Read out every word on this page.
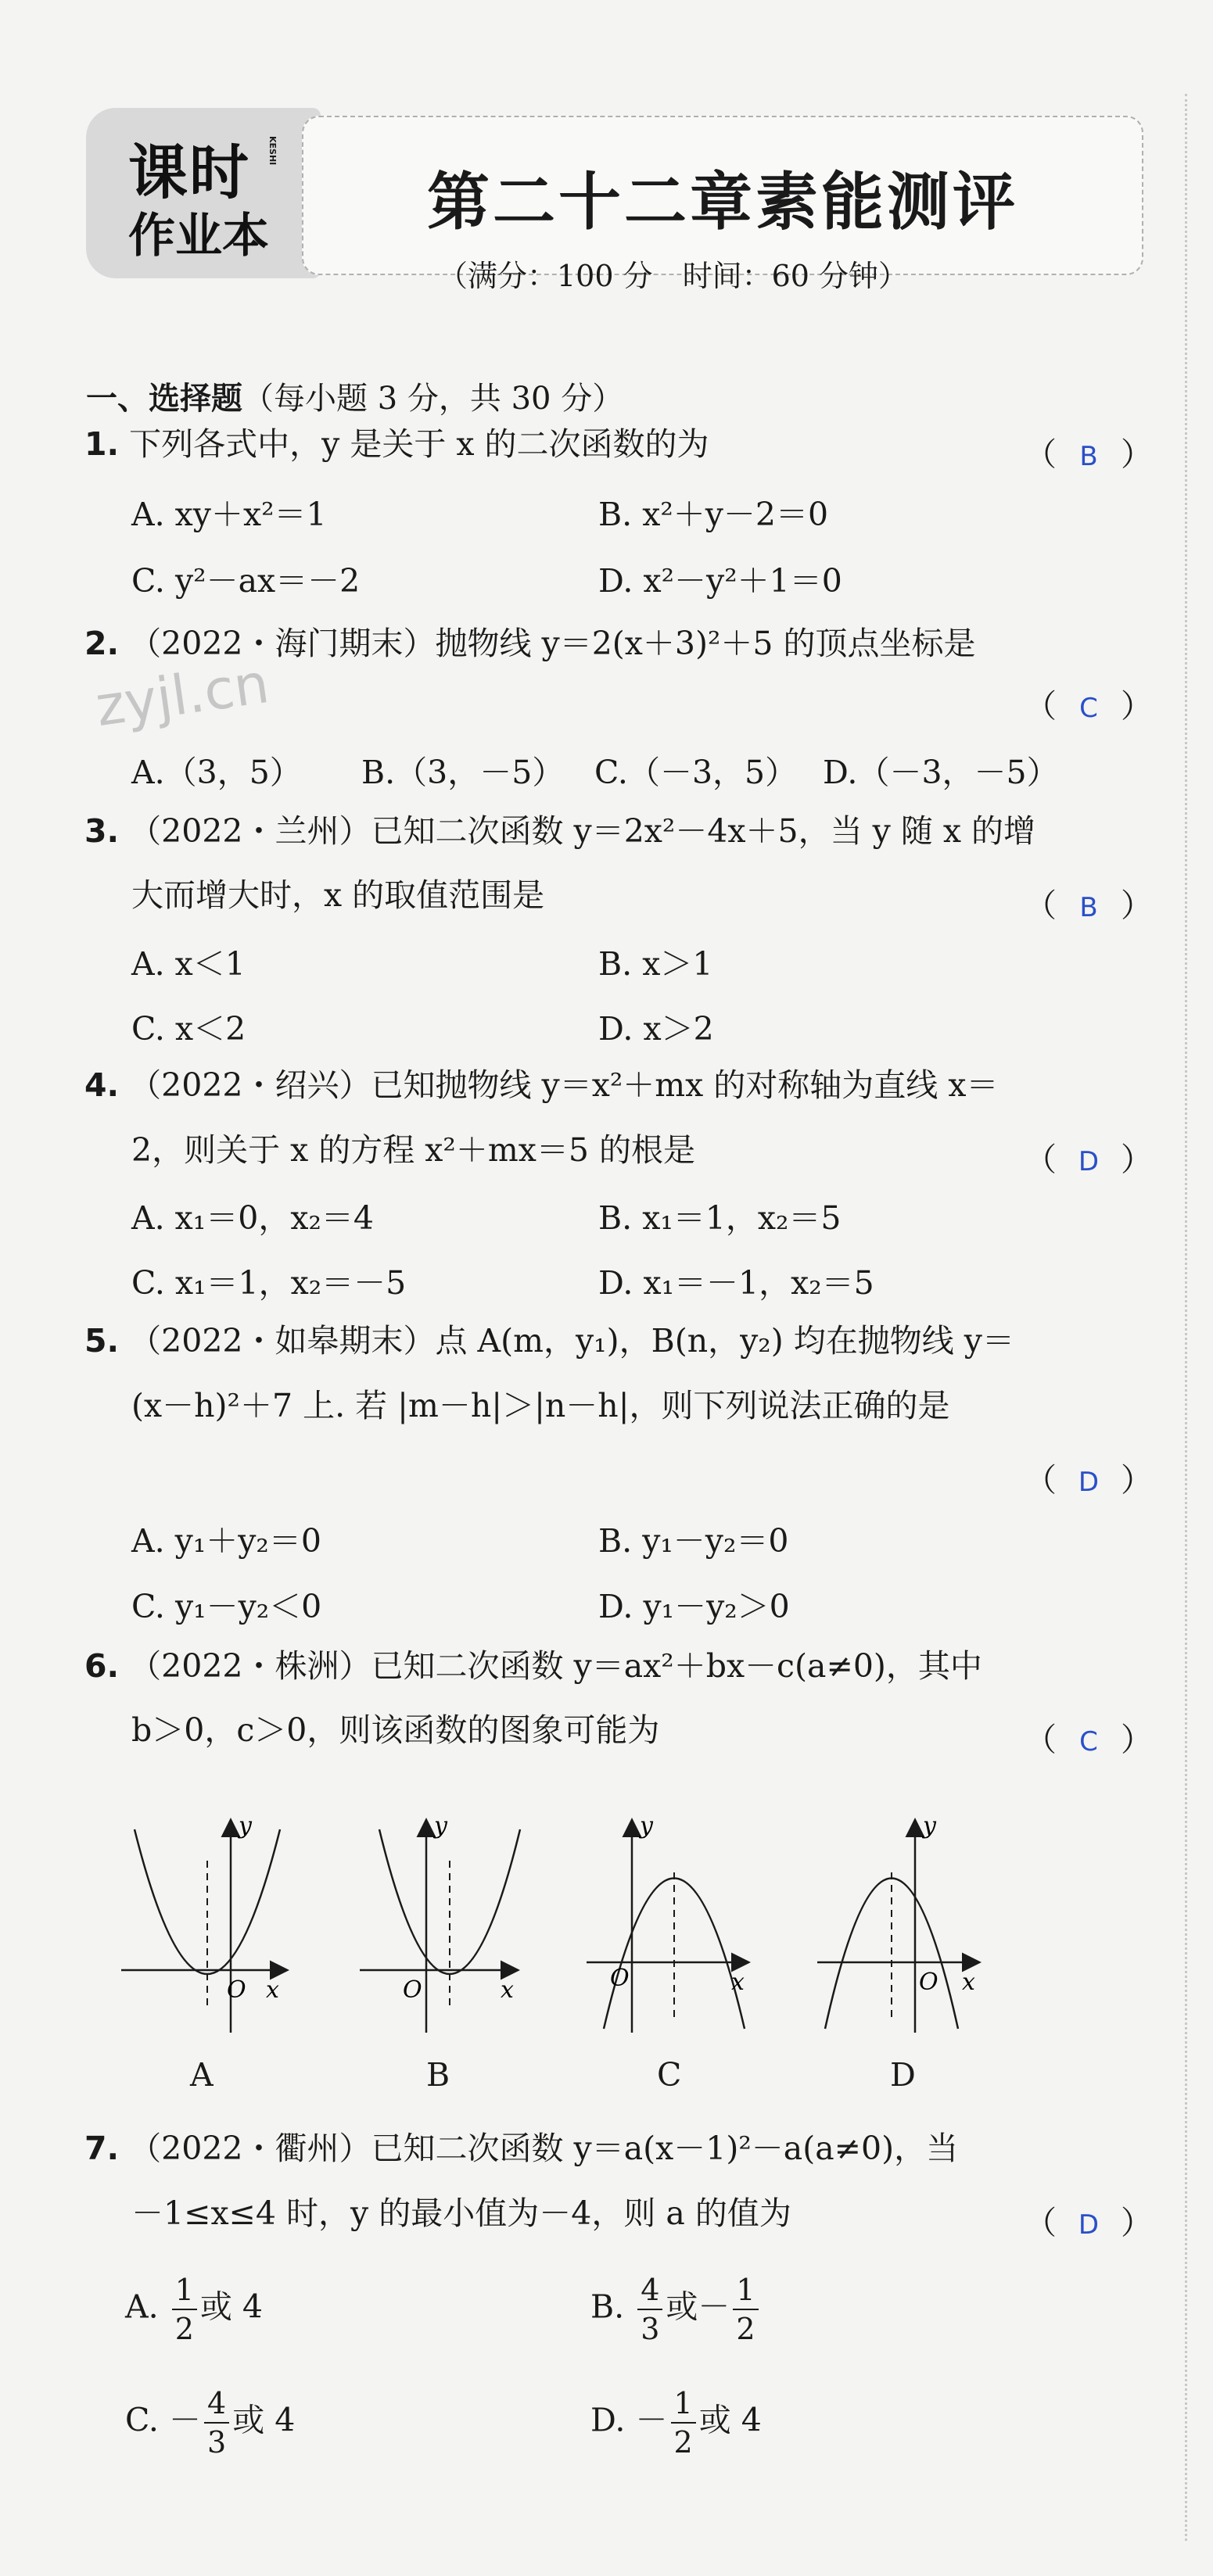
课时
作业本
KESHI
第二十二章素能测评
（满分：100 分　时间：60 分钟）
zyjl.cn
一、选择题（每小题 3 分，共 30 分）
1. 下列各式中，y 是关于 x 的二次函数的为	（ B ）
A. xy＋x²＝1	B. x²＋y－2＝0
C. y²－ax＝－2	D. x²－y²＋1＝0
2. （2022・海门期末）抛物线 y＝2(x＋3)²＋5 的顶点坐标是
（ C ）
A.（3，5） B.（3，－5） C.（－3，5） D.（－3，－5）
3. （2022・兰州）已知二次函数 y＝2x²－4x＋5，当 y 随 x 的增
大而增大时，x 的取值范围是	（ B ）
A. x＜1	B. x＞1
C. x＜2	D. x＞2
4. （2022・绍兴）已知抛物线 y＝x²＋mx 的对称轴为直线 x＝
2，则关于 x 的方程 x²＋mx＝5 的根是	（ D ）
A. x₁＝0，x₂＝4	B. x₁＝1，x₂＝5
C. x₁＝1，x₂＝－5	D. x₁＝－1，x₂＝5
5. （2022・如皋期末）点 A(m，y₁)，B(n，y₂) 均在抛物线 y＝
(x－h)²＋7 上. 若 |m－h|＞|n－h|，则下列说法正确的是
（ D ）
A. y₁＋y₂＝0	B. y₁－y₂＝0
C. y₁－y₂＜0	D. y₁－y₂＞0
6. （2022・株洲）已知二次函数 y＝ax²＋bx－c(a≠0)，其中
b＞0，c＞0，则该函数的图象可能为	（ C ）
y
x
O
y
x
O
y
x
O
y
x
O
A	B	C	D
7. （2022・衢州）已知二次函数 y＝a(x－1)²－a(a≠0)，当
－1≤x≤4 时，y 的最小值为－4，则 a 的值为	（ D ）
A. $\frac{1}{2}$ 或 4	B. $\frac{4}{3}$ 或－ $\frac{1}{2}$
C. － $\frac{4}{3}$ 或 4	D. － $\frac{1}{2}$ 或 4
